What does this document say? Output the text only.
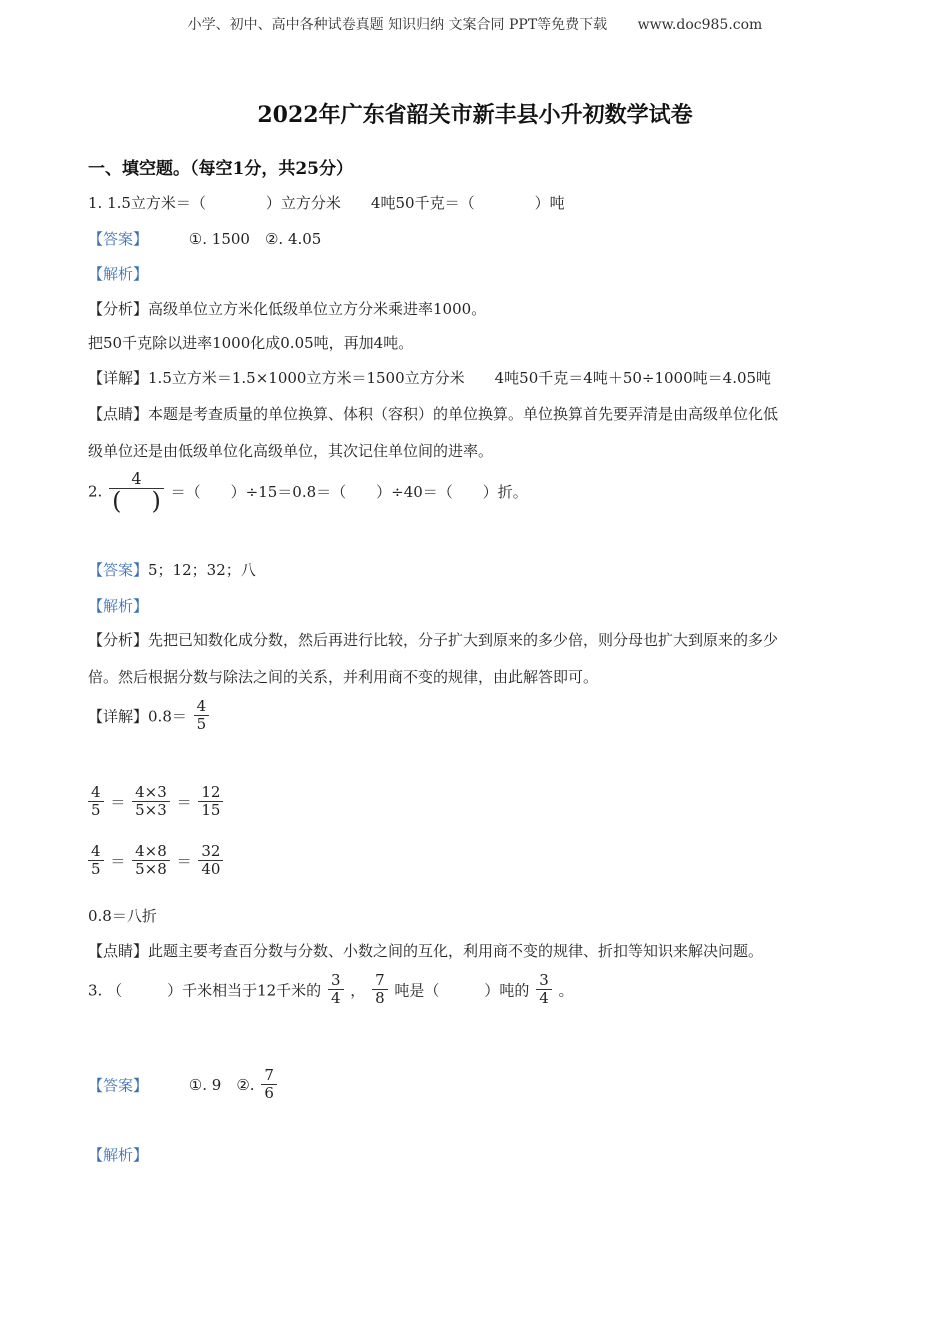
小学、初中、高中各种试卷真题 知识归纳 文案合同 PPT等免费下载 www.doc985.com
2022年广东省韶关市新丰县小升初数学试卷
一、填空题。（每空1分，共25分）
1. 1.5立方米＝（　　　　）立方分米　　4吨50千克＝（　　　　）吨
【答案】	①. 1500　②. 4.05
【解析】
【分析】高级单位立方米化低级单位立方分米乘进率1000。
把50千克除以进率1000化成0.05吨，再加4吨。
【详解】1.5立方米＝1.5×1000立方米＝1500立方分米　　4吨50千克＝4吨＋50÷1000吨＝4.05吨
【点睛】本题是考查质量的单位换算、体积（容积）的单位换算。单位换算首先要弄清是由高级单位化低
级单位还是由低级单位化高级单位，其次记住单位间的进率。
2. $\frac{4}{( )}$ ＝（　　）÷15＝0.8＝（　　）÷40＝（　　）折。
【答案】5；12；32；八
【解析】
【分析】先把已知数化成分数，然后再进行比较，分子扩大到原来的多少倍，则分母也扩大到原来的多少
倍。然后根据分数与除法之间的关系，并利用商不变的规律，由此解答即可。
【详解】$0.8= \frac{4}{5}$
$\frac{4}{5} = \frac{4\times 3}{5\times 3} = \frac{12}{15}$
$\frac{4}{5} = \frac{4\times 8}{5\times 8} = \frac{32}{40}$
0.8＝八折
【点睛】此题主要考查百分数与分数、小数之间的互化，利用商不变的规律、折扣等知识来解决问题。
3. （　　　）千米相当于12千米的 $\frac{3}{4}$ ， $\frac{7}{8}$ 吨是（　　　）吨的 $\frac{3}{4}$ 。
【答案】	①. 9　②. $\frac{7}{6}$
【解析】
